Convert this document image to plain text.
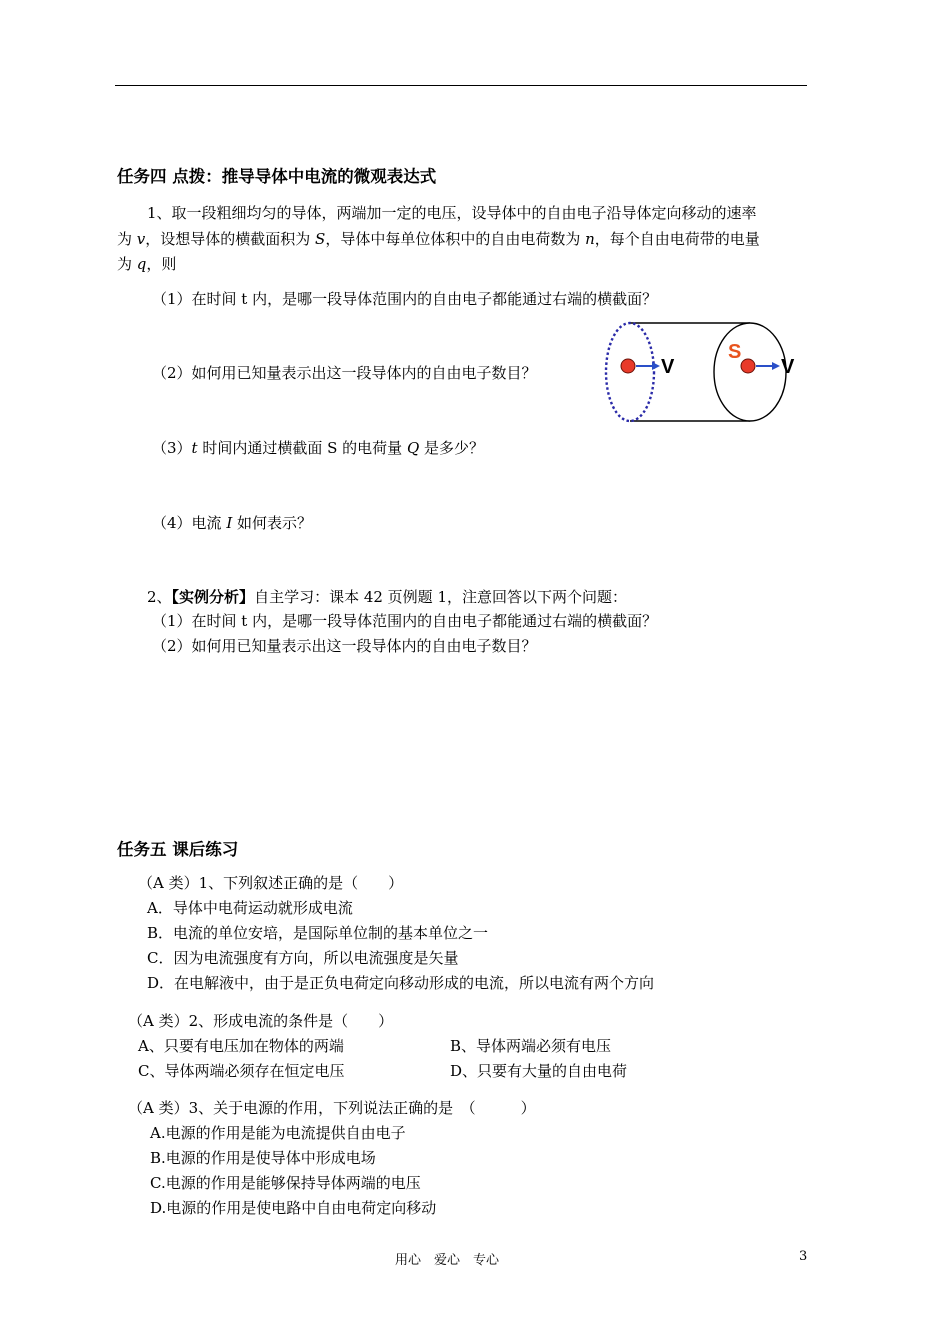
任务四 点拨：推导导体中电流的微观表达式
1、取一段粗细均匀的导体，两端加一定的电压，设导体中的自由电子沿导体定向移动的速率
为 v，设想导体的横截面积为 S，导体中每单位体积中的自由电荷数为 n，每个自由电荷带的电量
为 q，则
（1）在时间 t 内，是哪一段导体范围内的自由电子都能通过右端的横截面？
（2）如何用已知量表示出这一段导体内的自由电子数目？
（3）t 时间内通过横截面 S 的电荷量 Q 是多少？
（4）电流 I 如何表示？
V
S
V
2、【实例分析】自主学习：课本 42 页例题 1，注意回答以下两个问题：
（1）在时间 t 内，是哪一段导体范围内的自由电子都能通过右端的横截面？
（2）如何用已知量表示出这一段导体内的自由电子数目？
任务五 课后练习
（A 类）1、下列叙述正确的是（　　）
A．导体中电荷运动就形成电流
B．电流的单位安培，是国际单位制的基本单位之一
C．因为电流强度有方向，所以电流强度是矢量
D．在电解液中，由于是正负电荷定向移动形成的电流，所以电流有两个方向
（A 类）2、形成电流的条件是（　　）
A、只要有电压加在物体的两端	B、导体两端必须有电压
C、导体两端必须存在恒定电压	D、只要有大量的自由电荷
（A 类）3、关于电源的作用，下列说法正确的是　（　　　）
A.电源的作用是能为电流提供自由电子
B.电源的作用是使导体中形成电场
C.电源的作用是能够保持导体两端的电压
D.电源的作用是使电路中自由电荷定向移动
用心　爱心　专心	3
